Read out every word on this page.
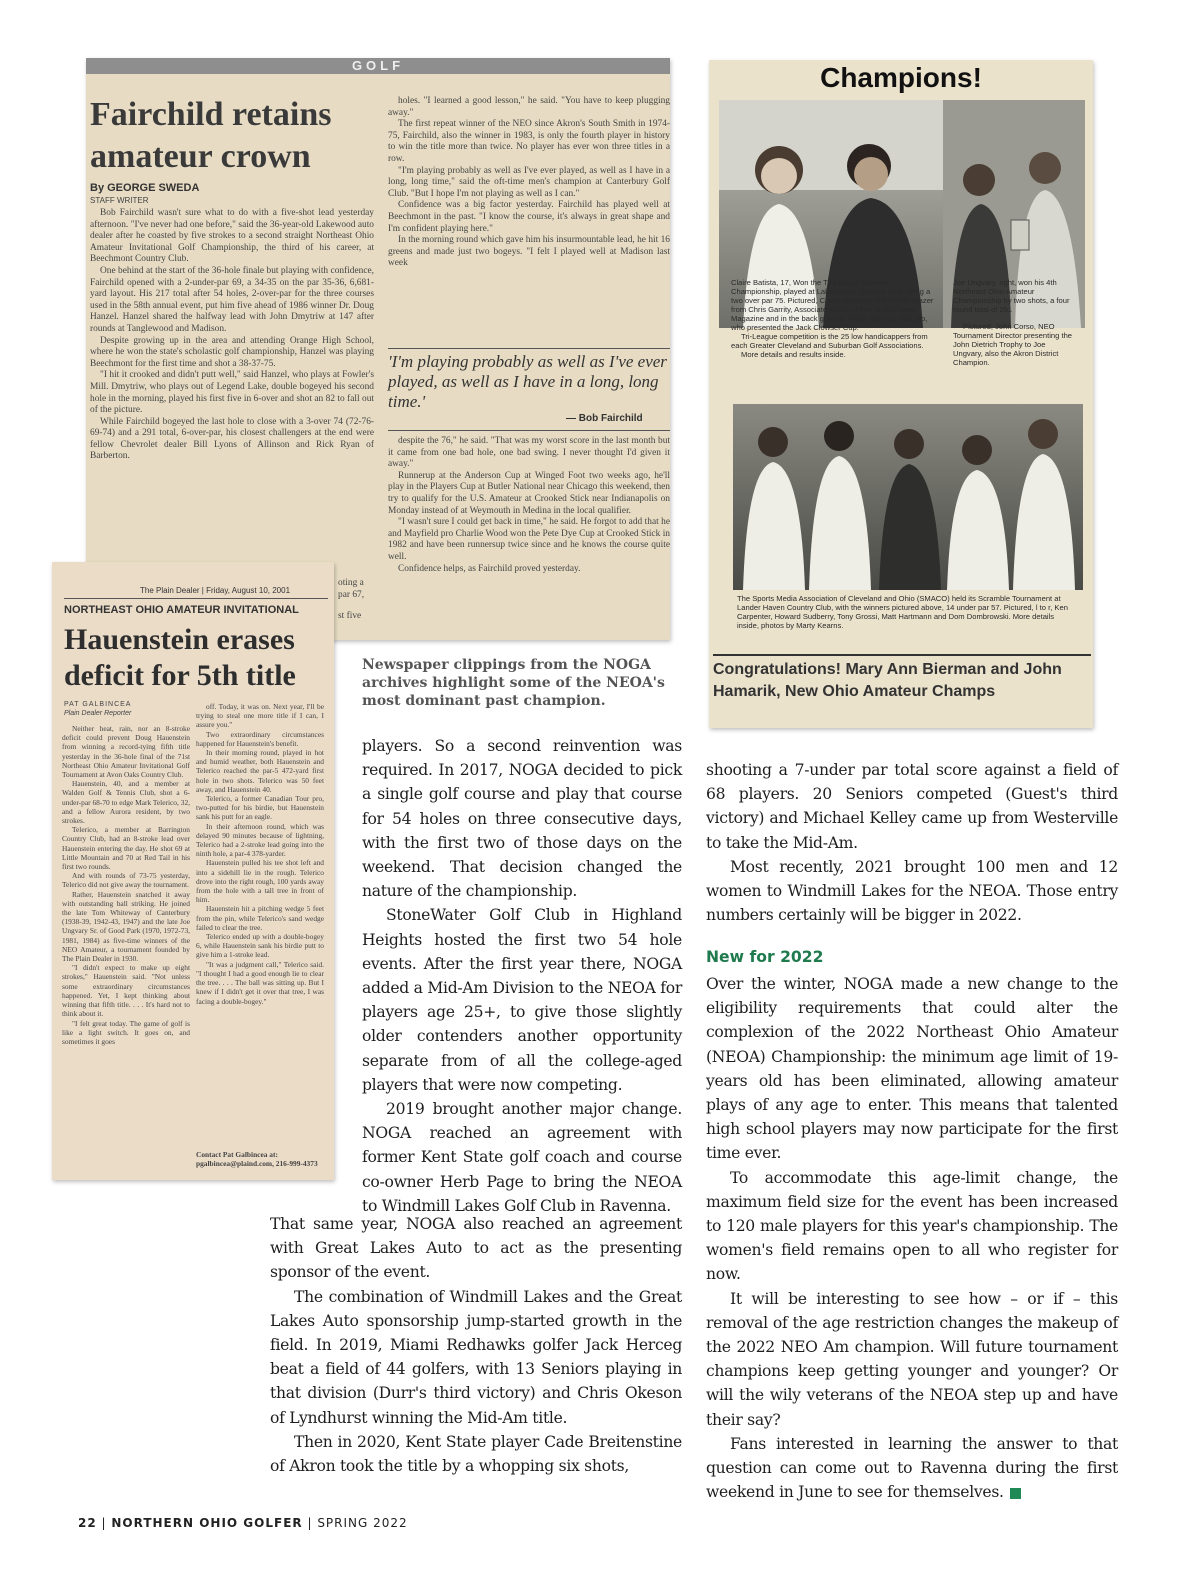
GOLF
Fairchild retains amateur crown
By GEORGE SWEDA
STAFF WRITER

Bob Fairchild wasn't sure what to do with a five-shot lead yesterday afternoon. "I've never had one before," said the 36-year-old Lakewood auto dealer after he coasted by five strokes to a second straight Northeast Ohio Amateur Invitational Golf Championship, the third of his career, at Beechmont Country Club.

One behind at the start of the 36-hole finale but playing with confidence, Fairchild opened with a 2-under-par 69, a 34-35 on the par 35-36, 6,681-yard layout. His 217 total after 54 holes, 2-over-par for the three courses used in the 58th annual event, put him five ahead of 1986 winner Dr. Doug Hanzel. Hanzel shared the halfway lead with John Dmytriw at 147 after rounds at Tanglewood and Madison.

Despite growing up in the area and attending Orange High School, where he won the state's scholastic golf championship, Hanzel was playing Beechmont for the first time and shot a 38-37-75.

"I hit it crooked and didn't putt well," said Hanzel, who plays at Fowler's Mill. Dmytriw, who plays out of Legend Lake, double bogeyed his second hole in the morning, played his first five in 6-over and shot an 82 to fall out of the picture.

While Fairchild bogeyed the last hole to close with a 3-over 74 (72-76-69-74) and a 291 total, 6-over-par, his closest challengers at the end were fellow Chevrolet dealer Bill Lyons of Allinson and Rick Ryan of Barberton.

holes. "I learned a good lesson," he said. "You have to keep plugging away."

The first repeat winner of the NEO since Akron's South Smith in 1974-75, Fairchild, also the winner in 1983, is only the fourth player in history to win the title more than twice. No player has ever won three titles in a row.

"I'm playing probably as well as I've ever played, as well as I have in a long, long time," said the oft-time men's champion at Canterbury Golf Club. "But I hope I'm not playing as well as I can."

Confidence was a big factor yesterday. Fairchild has played well at Beechmont in the past. "I know the course, it's always in great shape and I'm confident playing here."

In the morning round which gave him his insurmountable lead, he hit 16 greens and made just two bogeys. "I felt I played well at Madison last week

'I'm playing probably as well as I've ever played, as well as I have in a long, long time.'

— Bob Fairchild

despite the 76," he said. "That was my worst score in the last month but it came from one bad hole, one bad swing. I never thought I'd given it away."

Runnerup at the Anderson Cup at Winged Foot two weeks ago, he'll play in the Players Cup at Butler National near Chicago this weekend, then try to qualify for the U.S. Amateur at Crooked Stick near Indianapolis on Monday instead of at Weymouth in Medina in the local qualifier.

"I wasn't sure I could get back in time," he said. He forgot to add that he and Mayfield pro Charlie Wood won the Pete Dye Cup at Crooked Stick in 1982 and have been runnersup twice since and he knows the course quite well.

Confidence helps, as Fairchild proved yesterday.

oting a
par 67,
st five
Champions!
Claire Batista, 17, Won the Tri-League Women Championship, played at Lake Forest Country Club, firing a two over par 75. Pictured, Claire receiving The Golfer Blazer from Chris Garrity, Associate Editor of The Golfer News Magazine and in the back ground, Frank Harned, club pro, who presented the Jack Clowser Cup.
Tri-League competition is the 25 low handicappers from each Greater Cleveland and Suburban Golf Associations.
More details and results inside.
Joe Ungvary, right, won his 4th Northeast Ohio Amateur Championship by two shots, a four round total of 291
Pictured, John Corso, NEO Tournament Director presenting the John Dietrich Trophy to Joe Ungvary, also the Akron District Champion.
The Sports Media Association of Cleveland and Ohio (SMACO) held its Scramble Tournament at Lander Haven Country Club, with the winners pictured above, 14 under par 57. Pictured, l to r, Ken Carpenter, Howard Sudberry, Tony Grossi, Matt Hartmann and Dom Dombrowski. More details inside, photos by Marty Kearns.

Congratulations! Mary Ann Bierman and John Hamarik, New Ohio Amateur Champs

The Plain Dealer | Friday, August 10, 2001
NORTHEAST OHIO AMATEUR INVITATIONAL
Hauenstein erases deficit for 5th title
PAT GALBINCEA
Plain Dealer Reporter

Neither heat, rain, nor an 8-stroke deficit could prevent Doug Hauenstein from winning a record-tying fifth title yesterday in the 36-hole final of the 71st Northeast Ohio Amateur Invitational Golf Tournament at Avon Oaks Country Club.

Hauenstein, 40, and a member at Walden Golf & Tennis Club, shot a 6-under-par 68-70 to edge Mark Telerico, 32, and a fellow Aurora resident, by two strokes.

Telerico, a member at Barrington Country Club, had an 8-stroke lead over Hauenstein entering the day. He shot 69 at Little Mountain and 70 at Red Tail in his first two rounds.

And with rounds of 73-75 yesterday, Telerico did not give away the tournament.

Rather, Hauenstein snatched it away with outstanding ball striking. He joined the late Tom Whiteway of Canterbury (1938-39, 1942-43, 1947) and the late Joe Ungvary Sr. of Good Park (1970, 1972-73, 1981, 1984) as five-time winners of the NEO Amateur, a tournament founded by The Plain Dealer in 1930.

"I didn't expect to make up eight strokes," Hauenstein said. "Not unless some extraordinary circumstances happened. Yet, I kept thinking about winning that fifth title. . . . It's hard not to think about it.

"I felt great today. The game of golf is like a light switch. It goes on, and sometimes it goes

off. Today, it was on. Next year, I'll be trying to steal one more title if I can, I assure you."

Two extraordinary circumstances happened for Hauenstein's benefit.

In their morning round, played in hot and humid weather, both Hauenstein and Telerico reached the par-5 472-yard first hole in two shots. Telerico was 50 feet away, and Hauenstein 40.

Telerico, a former Canadian Tour pro, two-putted for his birdie, but Hauenstein sank his putt for an eagle.

In their afternoon round, which was delayed 90 minutes because of lightning, Telerico had a 2-stroke lead going into the ninth hole, a par-4 378-yarder.

Hauenstein pulled his tee shot left and into a sidehill lie in the rough. Telerico drove into the right rough, 100 yards away from the hole with a tall tree in front of him.

Hauenstein hit a pitching wedge 5 feet from the pin, while Telerico's sand wedge failed to clear the tree.

Telerico ended up with a double-bogey 6, while Hauenstein sank his birdie putt to give him a 1-stroke lead.

"It was a judgment call," Telerico said. "I thought I had a good enough lie to clear the tree. . . . The ball was sitting up. But I knew if I didn't get it over that tree, I was facing a double-bogey."

Contact Pat Galbincea at: pgalbincea@plaind.com, 216-999-4373

Newspaper clippings from the NOGA archives highlight some of the NEOA's most dominant past champion.

players. So a second reinvention was required. In 2017, NOGA decided to pick a single golf course and play that course for 54 holes on three consecutive days, with the first two of those days on the weekend. That decision changed the nature of the championship.
StoneWater Golf Club in Highland Heights hosted the first two 54 hole events. After the first year there, NOGA added a Mid-Am Division to the NEOA for players age 25+, to give those slightly older contenders another opportunity separate from of all the college-aged players that were now competing.
2019 brought another major change. NOGA reached an agreement with former Kent State golf coach and course co-owner Herb Page to bring the NEOA to Windmill Lakes Golf Club in Ravenna.
That same year, NOGA also reached an agreement with Great Lakes Auto to act as the presenting sponsor of the event.
The combination of Windmill Lakes and the Great Lakes Auto sponsorship jump-started growth in the field. In 2019, Miami Redhawks golfer Jack Herceg beat a field of 44 golfers, with 13 Seniors playing in that division (Durr's third victory) and Chris Okeson of Lyndhurst winning the Mid-Am title.
Then in 2020, Kent State player Cade Breitenstine of Akron took the title by a whopping six shots,
shooting a 7-under par total score against a field of 68 players. 20 Seniors competed (Guest's third victory) and Michael Kelley came up from Westerville to take the Mid-Am.
Most recently, 2021 brought 100 men and 12 women to Windmill Lakes for the NEOA. Those entry numbers certainly will be bigger in 2022.
New for 2022
Over the winter, NOGA made a new change to the eligibility requirements that could alter the complexion of the 2022 Northeast Ohio Amateur (NEOA) Championship: the minimum age limit of 19-years old has been eliminated, allowing amateur plays of any age to enter. This means that talented high school players may now participate for the first time ever.
To accommodate this age-limit change, the maximum field size for the event has been increased to 120 male players for this year's championship. The women's field remains open to all who register for now.
It will be interesting to see how – or if – this removal of the age restriction changes the makeup of the 2022 NEO Am champion. Will future tournament champions keep getting younger and younger? Or will the wily veterans of the NEOA step up and have their say?
Fans interested in learning the answer to that question can come out to Ravenna during the first weekend in June to see for themselves.
22 | NORTHERN OHIO GOLFER | SPRING 2022
